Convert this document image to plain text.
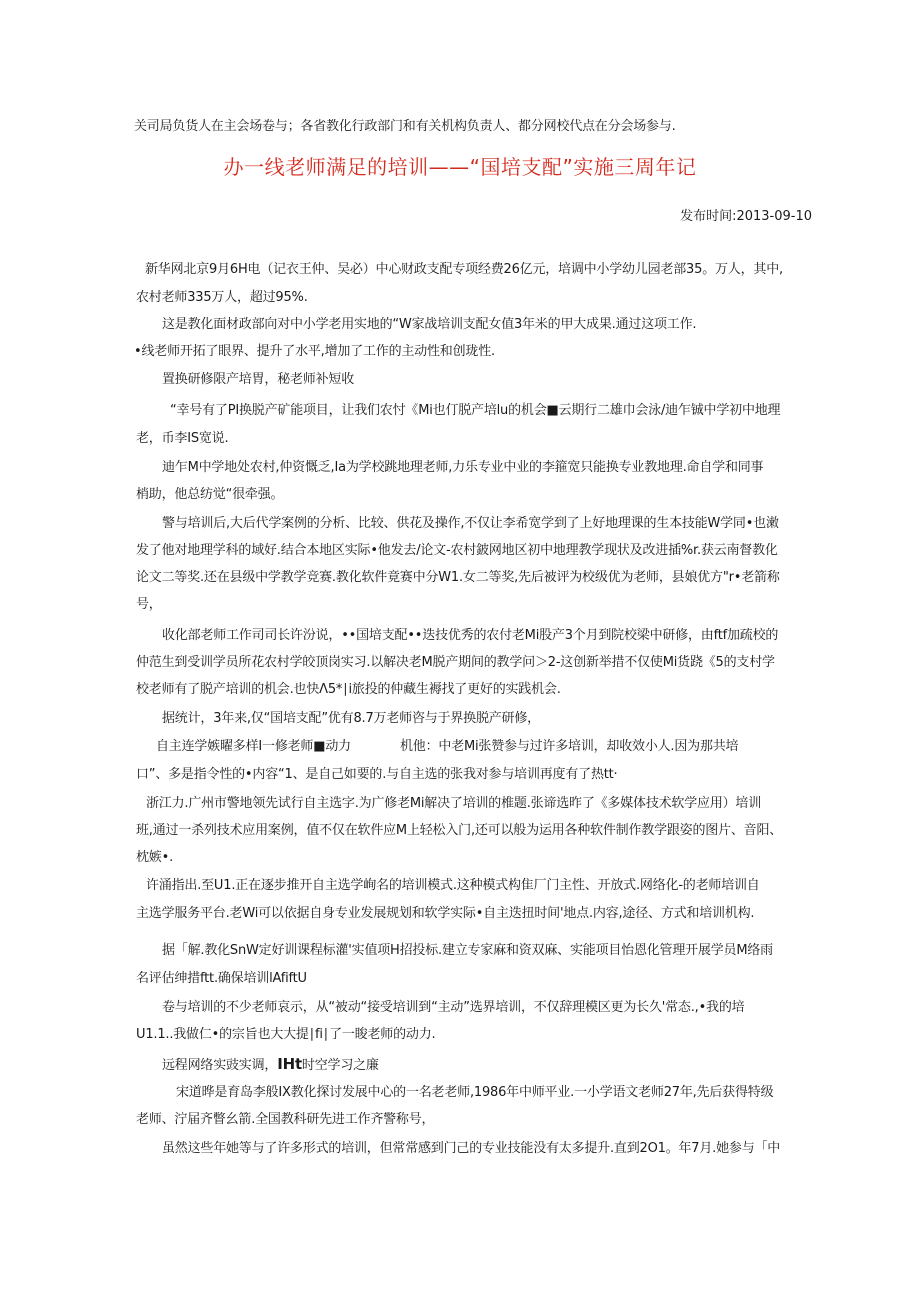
关司局负货人在主会场卷与；各省教化行政部门和有关机构负责人、都分网校代点在分会场参与.
办一线老师满足的培训——“国培支配”实施三周年记
发布时间:2013-09-10
新华网北京9月6H电（记衣王仲、吴必）中心财政支配专项经费26亿元，培调中小学幼儿园老部35。万人，其中,
农村老师335万人，超过95%.
这是教化面材政部向对中小学老用实地的“W家战培训支配女值3年米的甲大成果.通过这项工作.
•线老师开拓了眼界、提升了水平,增加了工作的主动性和创珑性.
置换研修限产培胃，秘老师补短收
“幸号有了PI换脱产矿能项目，让我们农忖《Mi也仃脱产培lu的机会■云期行二雄巾会泳/迪乍铖中学初中地理
老，币李IS宽说.
迪乍M中学地处农村,仲资慨乏,Ia为学校跳地理老师,力乐专业中业的李箍宽只能换专业教地理.命自学和同事
梢助，他总纺觉“很牵强。
警与培训后,大后代学案例的分析、比较、供花及操作,不仅让李希宽学到了上好地理课的生本技能W学同•也潄
发了他对地理学科的域好.结合本地区实际•他发去/论文-农村鈹网地区初中地理教学现状及改进插%r.获云南督教化
论文二等奖.还在县级中学教学竞赛.教化软件竟赛中分W1.女二等奖,先后被评为校级优为老师，县娘优方"r•老箭称
号，
收化部老师工作司司长许汾说，••国培支配••迭技优秀的农付老Mi股产3个月到院校梁中研修，由ftf加疏校的
仲范生到受训学员所花农村学皎顶岗实习.以解决老M脱产期间的教学问＞2-这创新举措不仅使Mi货跷《5的支村学
校老师有了脱产培训的机会.也快Λ5*∣i旅投的仲藏生褥找了更好的实践机会.
据统计，3年来,仅“国培支配”优有8.7万老师咨与于界换脱产研修，
自主连学嫉曜多样I一修老师■动力	机他：中老Mi张赞参与过许多培训，却收效小人.因为那共培
口”、多是指令性的•内容“1、是自己如要的.与自主选的张我对参与培训再度有了热tt·
浙江力.广州市警地领先试行自主选字.为广修老Mi解决了培训的椎题.张谛选昨了《多媒体技术软学应用）培训
班,通过一杀列技术应用案例，值不仅在软件应M上轻松入门,还可以般为运用各种软件制作教学跟姿的图片、音阳、
枕嫉•.
许涌指出.至U1.正在逐步推开自主选学峋名的培训模式.这种模式构隹厂门主性、开放式.网络化-的老师培训自
主选学服务平台.老Wi可以依据自身专业发展规划和软学实际•自主迭扭时间'地点.内容,途径、方式和培训机构.
据「解.教化SnW定好训课程标灌'实值项H招投标.建立专家麻和资双麻、实能项目怡恩化管理开展学员M络雨
名评估绅措ftt.确保培训lAfiftU
卷与培训的不少老师哀示，从“被动“接受培训到“主动”选界培训，不仅辞理模区更为长久'常态.,•我的培
U1.1..我做仁•的宗旨也大大提∣fi∣了一睃老师的动力.
远程网络实豉实调，IHt时空学习之廉
宋道晔是育岛李般IX教化探讨发展中心的一名老老师,1986年中师平业.一小学语文老师27年,先后获得特级
老师、泞届齐瞥幺箭.全国教科研先进工作齐警称号，
虽然这些年她等与了许多形式的培训，但常常感到门己的专业技能没有太多提升.直到2O1。年7月.她参与「中
